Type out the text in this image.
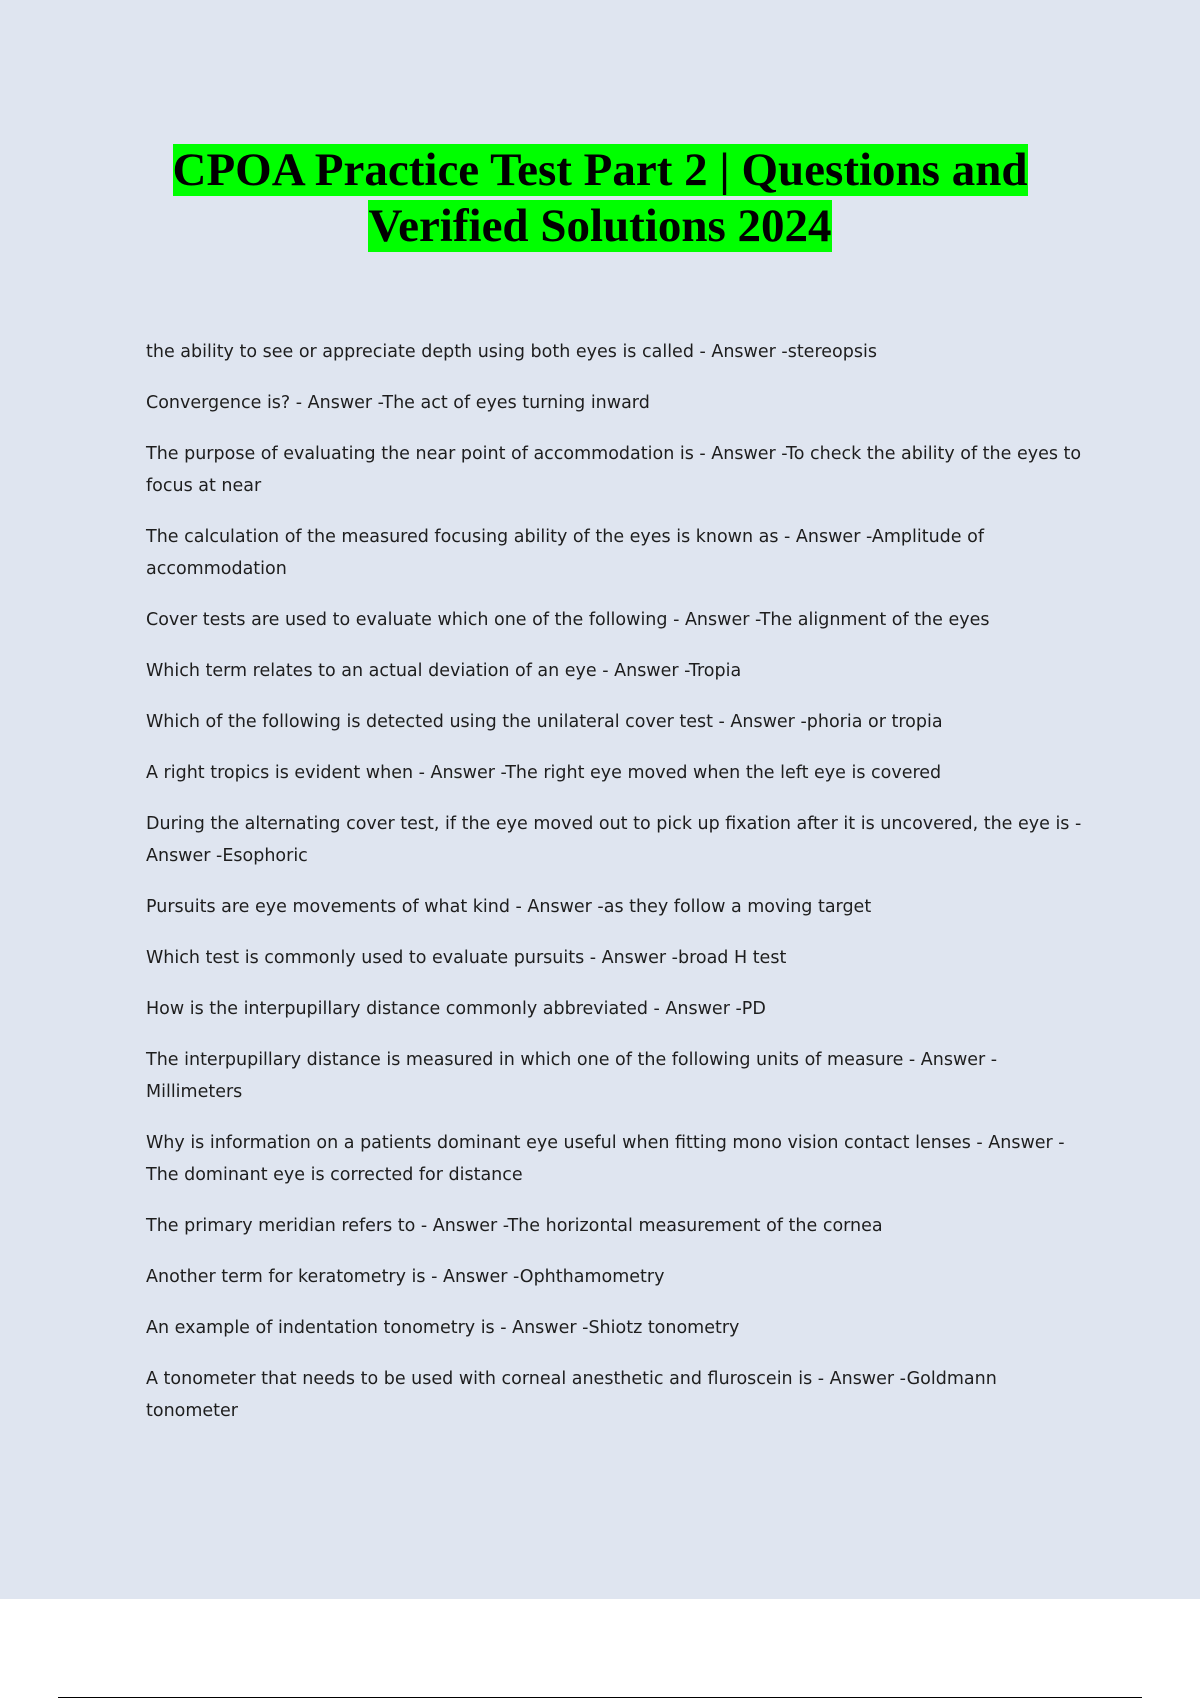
CPOA Practice Test Part 2 | Questions and
Verified Solutions 2024
the ability to see or appreciate depth using both eyes is called - Answer -stereopsis
Convergence is? - Answer -The act of eyes turning inward
The purpose of evaluating the near point of accommodation is - Answer -To check the ability of the eyes to focus at near
The calculation of the measured focusing ability of the eyes is known as - Answer -Amplitude of accommodation
Cover tests are used to evaluate which one of the following - Answer -The alignment of the eyes
Which term relates to an actual deviation of an eye - Answer -Tropia
Which of the following is detected using the unilateral cover test - Answer -phoria or tropia
A right tropics is evident when - Answer -The right eye moved when the left eye is covered
During the alternating cover test, if the eye moved out to pick up fixation after it is uncovered, the eye is - Answer -Esophoric
Pursuits are eye movements of what kind - Answer -as they follow a moving target
Which test is commonly used to evaluate pursuits - Answer -broad H test
How is the interpupillary distance commonly abbreviated - Answer -PD
The interpupillary distance is measured in which one of the following units of measure - Answer -Millimeters
Why is information on a patients dominant eye useful when fitting mono vision contact lenses - Answer -The dominant eye is corrected for distance
The primary meridian refers to - Answer -The horizontal measurement of the cornea
Another term for keratometry is - Answer -Ophthamometry
An example of indentation tonometry is - Answer -Shiotz tonometry
A tonometer that needs to be used with corneal anesthetic and fluroscein is - Answer -Goldmann tonometer
